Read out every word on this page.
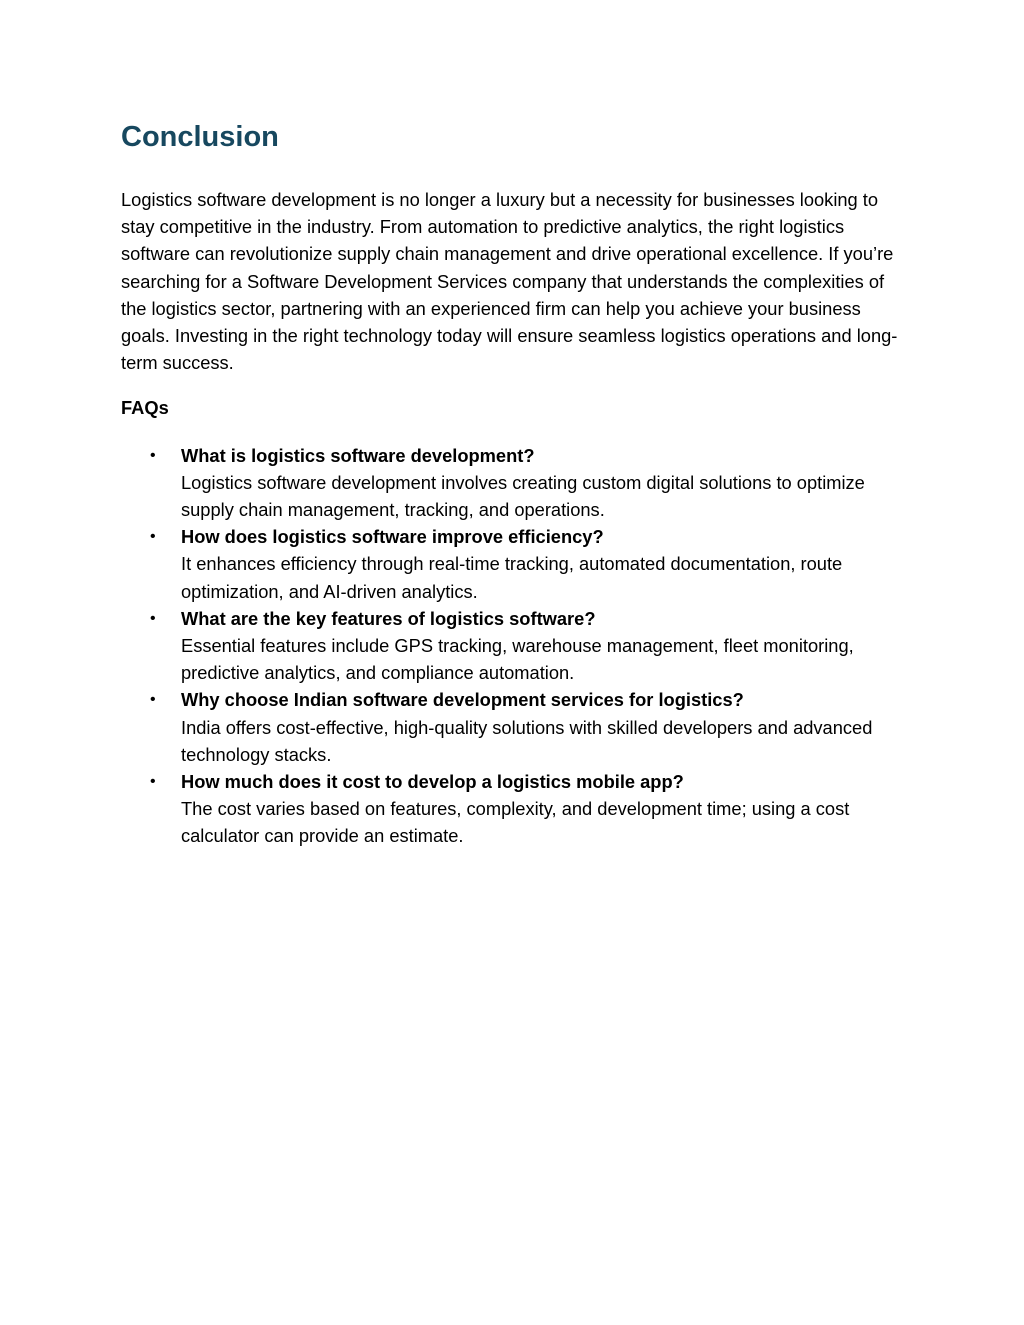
Conclusion

Logistics software development is no longer a luxury but a necessity for businesses looking to stay competitive in the industry. From automation to predictive analytics, the right logistics software can revolutionize supply chain management and drive operational excellence. If you’re searching for a Software Development Services company that understands the complexities of the logistics sector, partnering with an experienced firm can help you achieve your business goals. Investing in the right technology today will ensure seamless logistics operations and long-term success.

FAQs

• What is logistics software development?
Logistics software development involves creating custom digital solutions to optimize supply chain management, tracking, and operations.
• How does logistics software improve efficiency?
It enhances efficiency through real-time tracking, automated documentation, route optimization, and AI-driven analytics.
• What are the key features of logistics software?
Essential features include GPS tracking, warehouse management, fleet monitoring, predictive analytics, and compliance automation.
• Why choose Indian software development services for logistics?
India offers cost-effective, high-quality solutions with skilled developers and advanced technology stacks.
• How much does it cost to develop a logistics mobile app?
The cost varies based on features, complexity, and development time; using a cost calculator can provide an estimate.
